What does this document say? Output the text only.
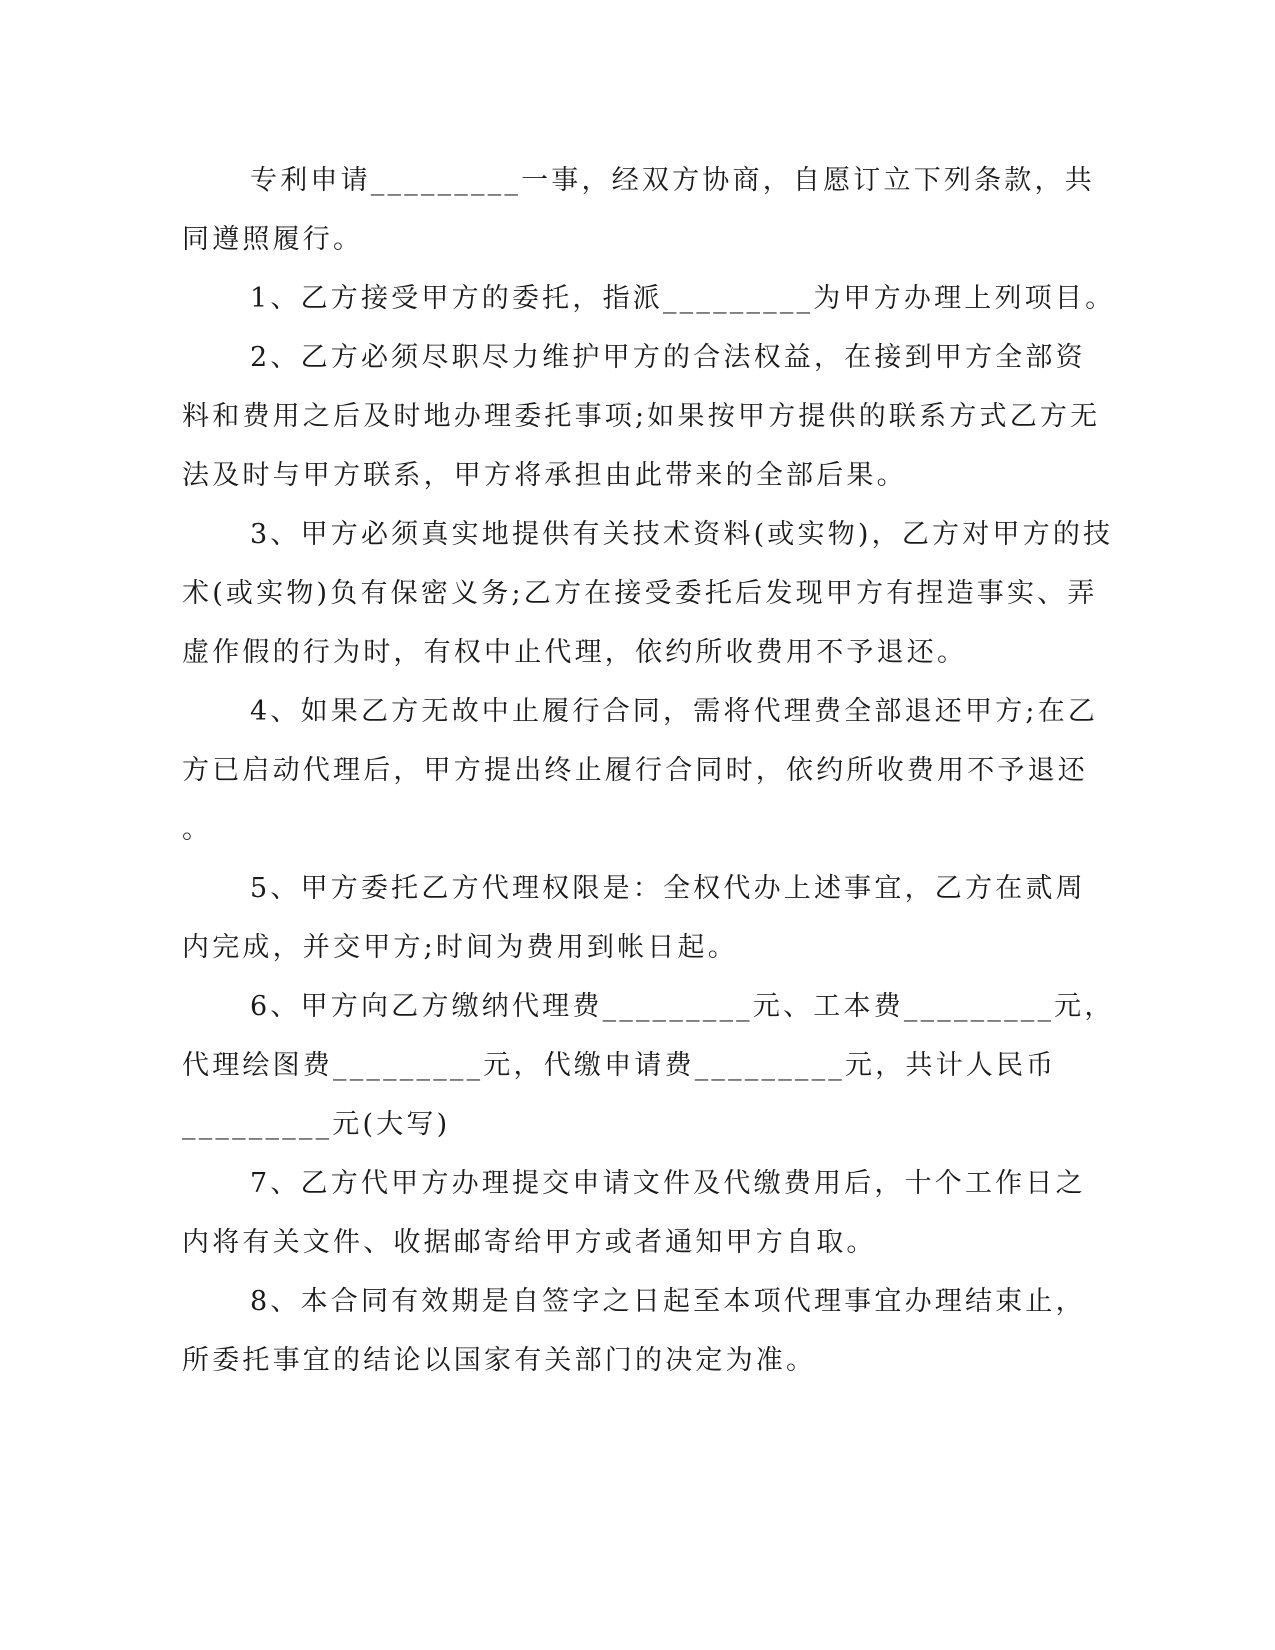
专利申请_________一事，经双方协商，自愿订立下列条款，共
同遵照履行。
1、乙方接受甲方的委托，指派_________为甲方办理上列项目。
2、乙方必须尽职尽力维护甲方的合法权益，在接到甲方全部资
料和费用之后及时地办理委托事项;如果按甲方提供的联系方式乙方无
法及时与甲方联系，甲方将承担由此带来的全部后果。
3、甲方必须真实地提供有关技术资料(或实物)，乙方对甲方的技
术(或实物)负有保密义务;乙方在接受委托后发现甲方有捏造事实、弄
虚作假的行为时，有权中止代理，依约所收费用不予退还。
4、如果乙方无故中止履行合同，需将代理费全部退还甲方;在乙
方已启动代理后，甲方提出终止履行合同时，依约所收费用不予退还
。
5、甲方委托乙方代理权限是：全权代办上述事宜，乙方在贰周
内完成，并交甲方;时间为费用到帐日起。
6、甲方向乙方缴纳代理费_________元、工本费_________元，
代理绘图费_________元，代缴申请费_________元，共计人民币
_________元(大写)
7、乙方代甲方办理提交申请文件及代缴费用后，十个工作日之
内将有关文件、收据邮寄给甲方或者通知甲方自取。
8、本合同有效期是自签字之日起至本项代理事宜办理结束止，
所委托事宜的结论以国家有关部门的决定为准。
